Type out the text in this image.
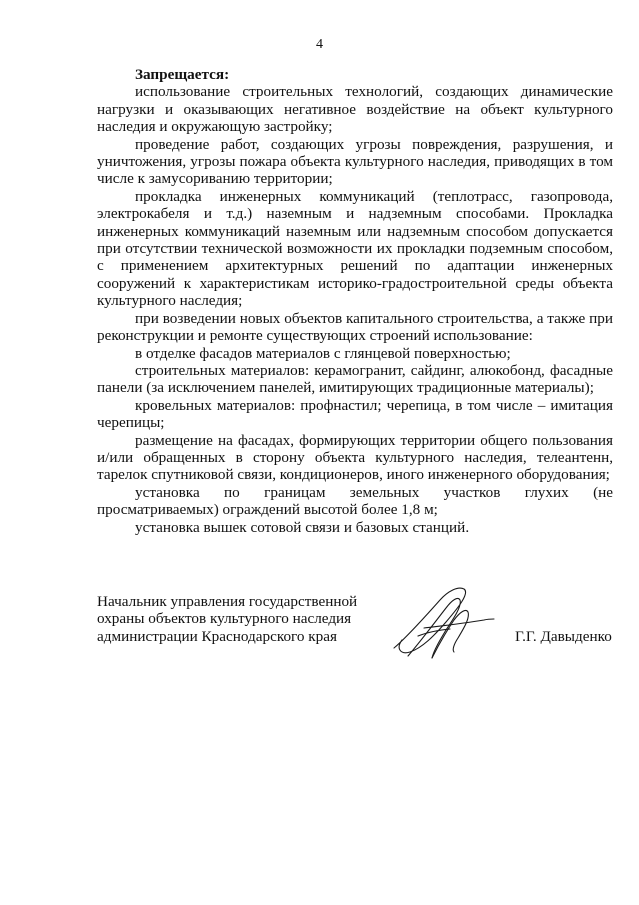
4

Запрещается:

использование строительных технологий, создающих динамические нагрузки и оказывающих негативное воздействие на объект культурного наследия и окружающую застройку;

проведение работ, создающих угрозы повреждения, разрушения, и уничтожения, угрозы пожара объекта культурного наследия, приводящих в том числе к замусориванию территории;

прокладка инженерных коммуникаций (теплотрасс, газопровода, электрокабеля и т.д.) наземным и надземным способами. Прокладка инженерных коммуникаций наземным или надземным способом допускается при отсутствии технической возможности их прокладки подземным способом, с применением архитектурных решений по адаптации инженерных сооружений к характеристикам историко-градостроительной среды объекта культурного наследия;

при возведении новых объектов капитального строительства, а также при реконструкции и ремонте существующих строений использование:

в отделке фасадов материалов с глянцевой поверхностью;

строительных материалов: керамогранит, сайдинг, алюкобонд, фасадные панели (за исключением панелей, имитирующих традиционные материалы);

кровельных материалов: профнастил; черепица, в том числе – имитация черепицы;

размещение на фасадах, формирующих территории общего пользования и/или обращенных в сторону объекта культурного наследия, телеантенн, тарелок спутниковой связи, кондиционеров, иного инженерного оборудования;

установка по границам земельных участков глухих (не просматриваемых) ограждений высотой более 1,8 м;

установка вышек сотовой связи и базовых станций.

Начальник управления государственной
охраны объектов культурного наследия
администрации Краснодарского края	Г.Г. Давыденко
